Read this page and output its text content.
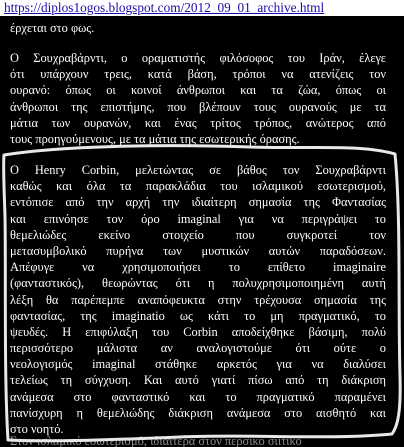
https://diplos1ogos.blogspot.com/2012_09_01_archive.html

έρχεται στο φως.

Ο Σουχραβάρντι, ο οραματιστής φιλόσοφος του Ιράν, έλεγε
ότι υπάρχουν τρεις, κατά βάση, τρόποι να ατενίζεις τον
ουρανό: όπως οι κοινοί άνθρωποι και τα ζώα, όπως οι
άνθρωποι της επιστήμης, που βλέπουν τους ουρανούς με τα
μάτια των ουρανών, και ένας τρίτος τρόπος, ανώτερος από
τους προηγούμενους, με τα μάτια της εσωτερικής όρασης.

Ο Henry Corbin, μελετώντας σε βάθος τον Σουχραβάρντι
καθώς και όλα τα παρακλάδια του ισλαμικού εσωτερισμού,
εντόπισε από την αρχή την ιδιαίτερη σημασία της Φαντασίας
και επινόησε τον όρο imaginal για να περιγράψει το
θεμελιώδες εκείνο στοιχείο που συγκροτεί τον
μετασυμβολικό πυρήνα των μυστικών αυτών παραδόσεων.
Απέφυγε να χρησιμοποιήσει το επίθετο imaginaire
(φανταστικός), θεωρώντας ότι η πολυχρησιμοποιημένη αυτή
λέξη θα παρέπεμπε αναπόφευκτα στην τρέχουσα σημασία της
φαντασίας, της imaginatio ως κάτι το μη πραγματικό, το
ψευδές. Η επιφύλαξη του Corbin αποδείχθηκε βάσιμη, πολύ
περισσότερο μάλιστα αν αναλογιστούμε ότι ούτε ο
νεολογισμός imaginal στάθηκε αρκετός για να διαλύσει
τελείως τη σύγχυση. Και αυτό γιατί πίσω από τη διάκριση
ανάμεσα στο φανταστικό και το πραγματικό παραμένει
πανίσχυρη η θεμελιώδης διάκριση ανάμεσα στο αισθητό και
στο νοητό.

Στον ισλαμικό εσωτερισμό, ιδιαίτερα στον περσικό σιιτικό
